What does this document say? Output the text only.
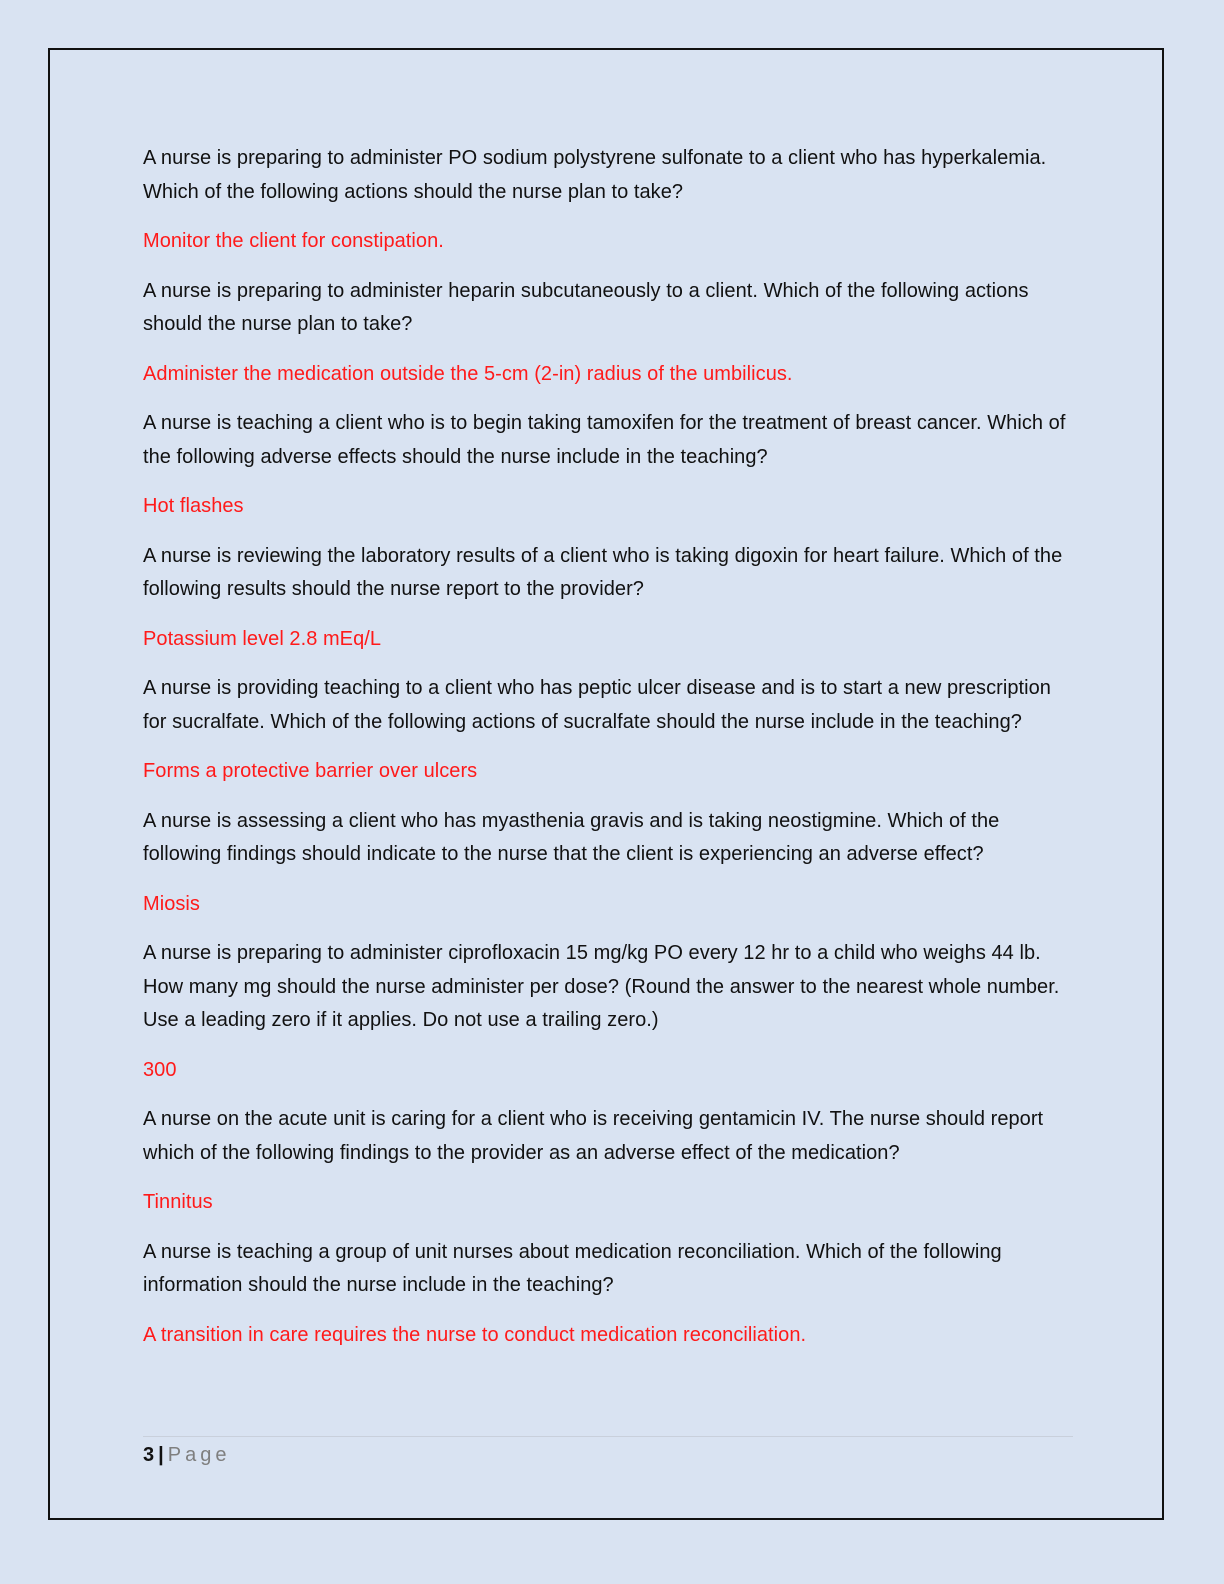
A nurse is preparing to administer PO sodium polystyrene sulfonate to a client who has hyperkalemia. Which of the following actions should the nurse plan to take?

Monitor the client for constipation.

A nurse is preparing to administer heparin subcutaneously to a client. Which of the following actions should the nurse plan to take?

Administer the medication outside the 5-cm (2-in) radius of the umbilicus.

A nurse is teaching a client who is to begin taking tamoxifen for the treatment of breast cancer. Which of the following adverse effects should the nurse include in the teaching?

Hot flashes

A nurse is reviewing the laboratory results of a client who is taking digoxin for heart failure. Which of the following results should the nurse report to the provider?

Potassium level 2.8 mEq/L

A nurse is providing teaching to a client who has peptic ulcer disease and is to start a new prescription for sucralfate. Which of the following actions of sucralfate should the nurse include in the teaching?

Forms a protective barrier over ulcers

A nurse is assessing a client who has myasthenia gravis and is taking neostigmine. Which of the following findings should indicate to the nurse that the client is experiencing an adverse effect?

Miosis

A nurse is preparing to administer ciprofloxacin 15 mg/kg PO every 12 hr to a child who weighs 44 lb. How many mg should the nurse administer per dose? (Round the answer to the nearest whole number. Use a leading zero if it applies. Do not use a trailing zero.)

300

A nurse on the acute unit is caring for a client who is receiving gentamicin IV. The nurse should report which of the following findings to the provider as an adverse effect of the medication?

Tinnitus

A nurse is teaching a group of unit nurses about medication reconciliation. Which of the following information should the nurse include in the teaching?

A transition in care requires the nurse to conduct medication reconciliation.

3 | Page
